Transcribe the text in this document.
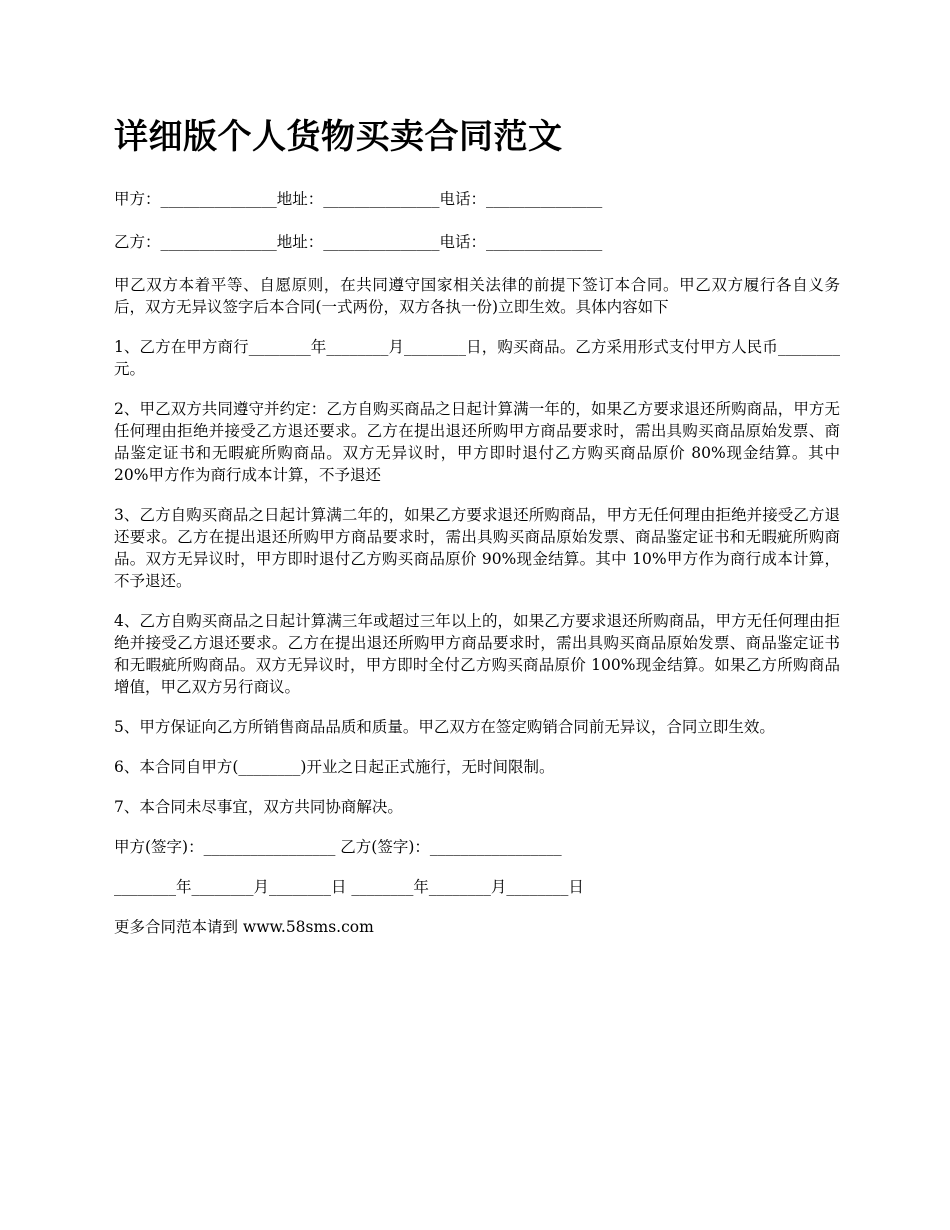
详细版个人货物买卖合同范文
甲方：_______________地址：_______________电话：_______________
乙方：_______________地址：_______________电话：_______________

甲乙双方本着平等、自愿原则，在共同遵守国家相关法律的前提下签订本合同。甲乙双方履行各自义务后，双方无异议签字后本合同(一式两份，双方各执一份)立即生效。具体内容如下

1、乙方在甲方商行________年________月________日，购买商品。乙方采用形式支付甲方人民币________元。

2、甲乙双方共同遵守并约定：乙方自购买商品之日起计算满一年的，如果乙方要求退还所购商品，甲方无任何理由拒绝并接受乙方退还要求。乙方在提出退还所购甲方商品要求时，需出具购买商品原始发票、商品鉴定证书和无暇疵所购商品。双方无异议时，甲方即时退付乙方购买商品原价 80%现金结算。其中 20%甲方作为商行成本计算，不予退还

3、乙方自购买商品之日起计算满二年的，如果乙方要求退还所购商品，甲方无任何理由拒绝并接受乙方退还要求。乙方在提出退还所购甲方商品要求时，需出具购买商品原始发票、商品鉴定证书和无暇疵所购商品。双方无异议时，甲方即时退付乙方购买商品原价 90%现金结算。其中 10%甲方作为商行成本计算，不予退还。

4、乙方自购买商品之日起计算满三年或超过三年以上的，如果乙方要求退还所购商品，甲方无任何理由拒绝并接受乙方退还要求。乙方在提出退还所购甲方商品要求时，需出具购买商品原始发票、商品鉴定证书和无暇疵所购商品。双方无异议时，甲方即时全付乙方购买商品原价 100%现金结算。如果乙方所购商品增值，甲乙双方另行商议。

5、甲方保证向乙方所销售商品品质和质量。甲乙双方在签定购销合同前无异议，合同立即生效。

6、本合同自甲方(________)开业之日起正式施行，无时间限制。

7、本合同未尽事宜，双方共同协商解决。

甲方(签字)：_________________ 乙方(签字)：_________________
________年________月________日 ________年________月________日
更多合同范本请到 www.58sms.com
